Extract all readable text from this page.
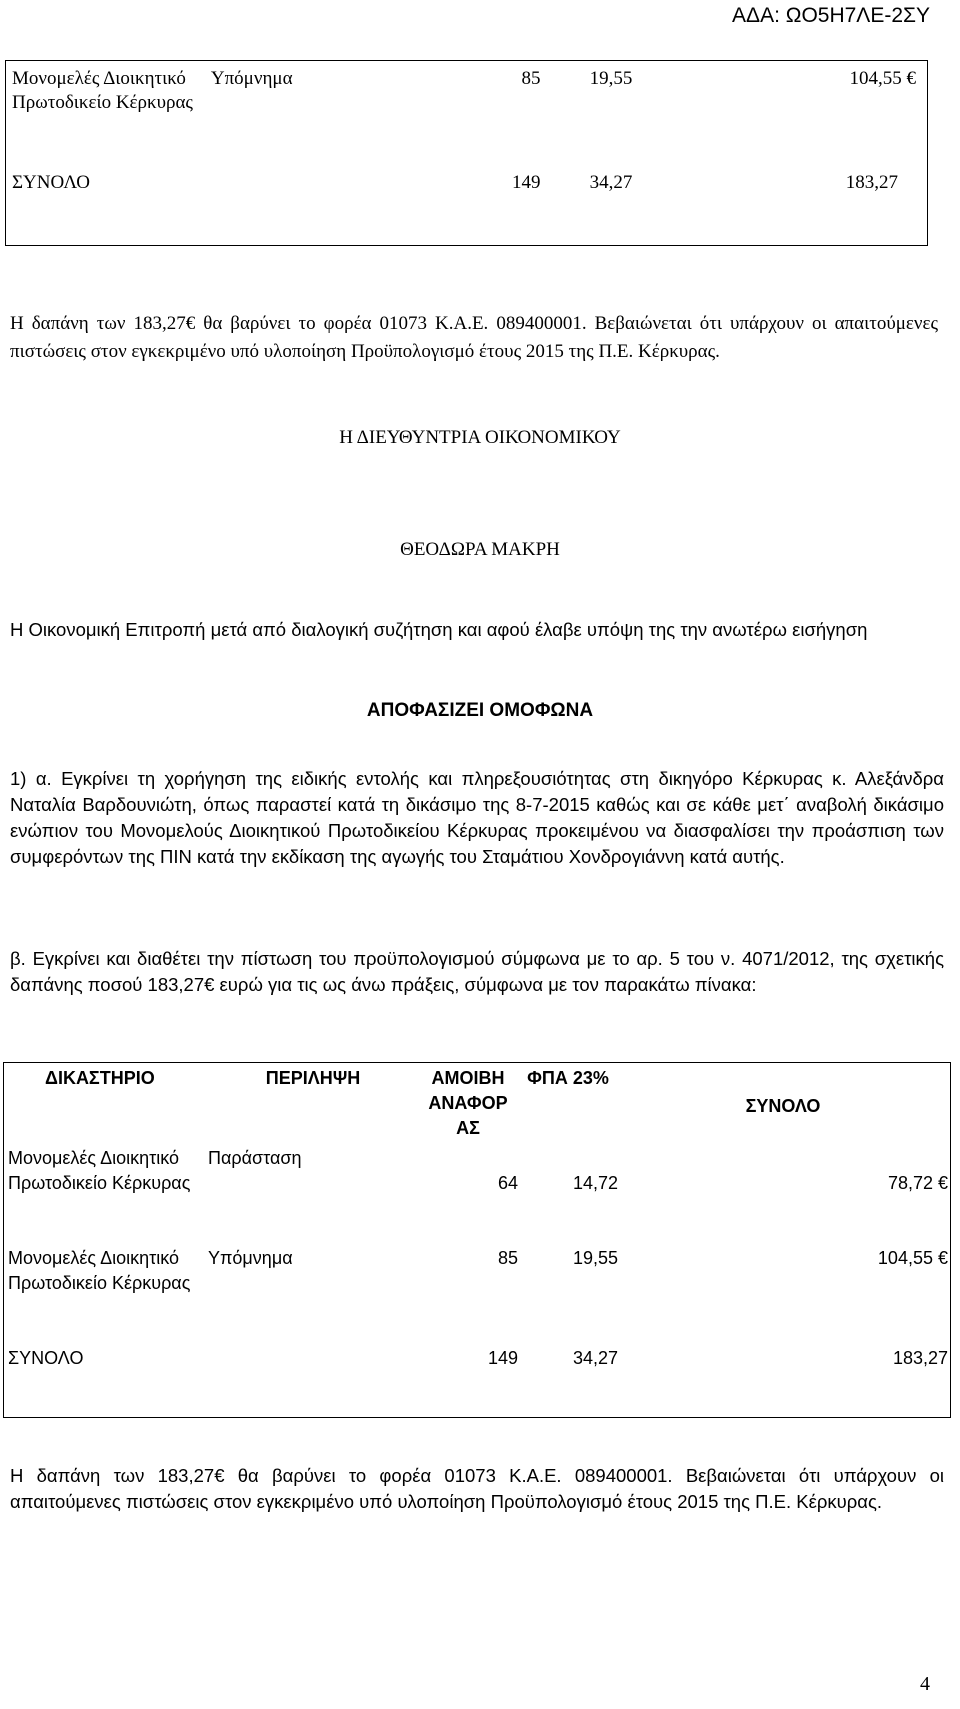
ΑΔΑ: ΩΟ5Η7ΛΕ-2ΣΥ
Μονομελές Διοικητικό Πρωτοδικείο Κέρκυρας	Υπόμνημα	85	19,55	104,55 €
ΣΥΝΟΛΟ		149	34,27	183,27
Η δαπάνη των 183,27€ θα βαρύνει το φορέα 01073 Κ.Α.Ε. 089400001. Βεβαιώνεται ότι υπάρχουν οι απαιτούμενες πιστώσεις στον εγκεκριμένο υπό υλοποίηση Προϋπολογισμό έτους 2015 της Π.Ε. Κέρκυρας.
Η ΔΙΕΥΘΥΝΤΡΙΑ ΟΙΚΟΝΟΜΙΚΟΥ
ΘΕΟΔΩΡΑ ΜΑΚΡΗ
Η Οικονομική Επιτροπή μετά από διαλογική συζήτηση και αφού έλαβε υπόψη της την ανωτέρω εισήγηση
ΑΠΟΦΑΣΙΖΕΙ ΟΜΟΦΩΝΑ
1) α. Εγκρίνει τη χορήγηση της ειδικής εντολής και πληρεξουσιότητας στη δικηγόρο Κέρκυρας κ. Αλεξάνδρα Ναταλία Βαρδουνιώτη, όπως παραστεί κατά τη δικάσιμο της 8-7-2015 καθώς και σε κάθε μετ΄ αναβολή δικάσιμο ενώπιον του Μονομελούς Διοικητικού Πρωτοδικείου Κέρκυρας προκειμένου να διασφαλίσει την προάσπιση των συμφερόντων της ΠΙΝ κατά την εκδίκαση της αγωγής του Σταμάτιου Χονδρογιάννη κατά αυτής.
β. Εγκρίνει και διαθέτει την πίστωση του προϋπολογισμού σύμφωνα με το αρ. 5 του ν. 4071/2012, της σχετικής δαπάνης ποσού 183,27€ ευρώ για τις ως άνω πράξεις, σύμφωνα με τον παρακάτω πίνακα:
ΔΙΚΑΣΤΗΡΙΟ	ΠΕΡΙΛΗΨΗ	ΑΜΟΙΒΗ ΑΝΑΦΟΡ ΑΣ	ΦΠΑ 23%	ΣΥΝΟΛΟ
Μονομελές Διοικητικό Πρωτοδικείο Κέρκυρας	Παράσταση	64	14,72	78,72 €
Μονομελές Διοικητικό Πρωτοδικείο Κέρκυρας	Υπόμνημα	85	19,55	104,55 €
ΣΥΝΟΛΟ		149	34,27	183,27
Η δαπάνη των 183,27€ θα βαρύνει το φορέα 01073 Κ.Α.Ε. 089400001. Βεβαιώνεται ότι υπάρχουν οι απαιτούμενες πιστώσεις στον εγκεκριμένο υπό υλοποίηση Προϋπολογισμό έτους 2015 της Π.Ε. Κέρκυρας.
4
